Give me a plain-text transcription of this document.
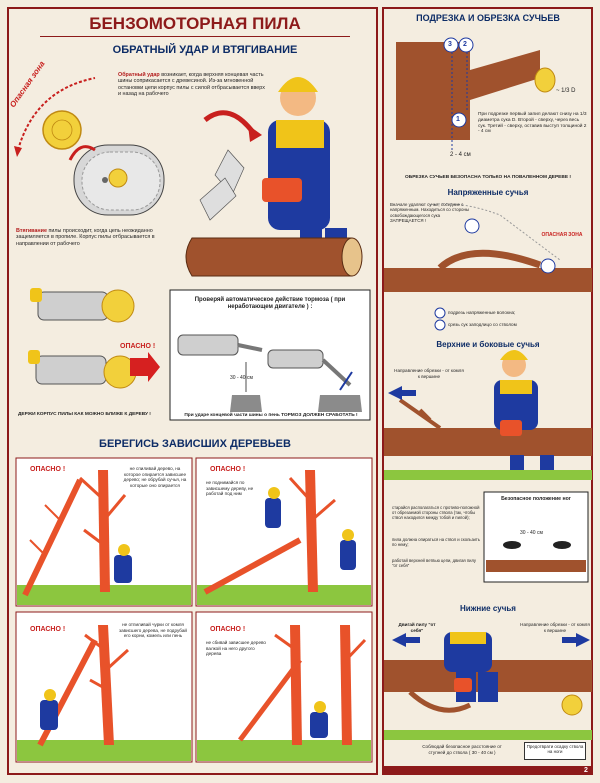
БЕНЗОМОТОРНАЯ ПИЛА
ОБРАТНЫЙ УДАР И ВТЯГИВАНИЕ
Опасная зона	Обратный удар возникает, когда верхняя концевая часть шины соприкасается с древесиной. Из-за мгновенной остановки цепи корпус пилы с силой отбрасывается вверх и назад на рабочего
Втягивание пилы происходит, когда цепь неожиданно защемляется в пропиле. Корпус пилы отбрасывается в направлении от рабочего
ОПАСНО !
ДЕРЖИ КОРПУС ПИЛЫ КАК МОЖНО БЛИЖЕ К ДЕРЕВУ !
Проверяй автоматическое действие тормоза ( при неработающем двигателе ) :
30 - 40 см
При ударе концевой части шины о пень ТОРМОЗ ДОЛЖЕН СРАБОТАТЬ !
БЕРЕГИСЬ ЗАВИСШИХ ДЕРЕВЬЕВ
ОПАСНО !	не спиливай дерево, на которое опирается зависшее дерево; не обрубай сучья, на которые оно опирается
ОПАСНО !
не поднимайся по зависшему дереву, не работай под ним
ОПАСНО !
не отпиливай чурки от комля зависшего дерева, не подрубай его корни, комель или пень
ОПАСНО !
не сбивай зависшее дерево валкой на него другого дерева
ПОДРЕЗКА И ОБРЕЗКА СУЧЬЕВ
3 2
1
~ 1/3 D
При подрезке первый запил делают снизу на 1/3 диаметра сука D. Второй - сверху, через весь сук. Третий - сверху, оставив выступ толщиной 2 - 4 см
2 - 4 см
ОБРЕЗКА СУЧЬЕВ БЕЗОПАСНА ТОЛЬКО НА ПОВАЛЕННОМ ДЕРЕВЕ !
Напряженные сучья
Вначале удаляют сучья, соседние с напряженным. Находиться со стороны освобождающегося сука ЗАПРЕЩАЕТСЯ !
ОПАСНАЯ ЗОНА
подрезь напряженные волокна;
срезь сук заподлицо со стволом
Верхние и боковые сучья
Направление обрезки - от комля к вершине
старайся располагаться с противо-положной от обрезаемой стороны ствола (так, чтобы ствол находился между тобой и пилой);
пила должна опираться на ствол и скользить по нему;
работай верхней ветвью цепи, двигая пилу "от себя"
Безопасное положение ног
30 - 40 см
10 - 12 см
Нижние сучья
Двигай пилу "от себя"
Направление обрезки - от комля к вершине
Соблюдай безопасное расстояние от ступней до ствола ( 30 - 40 см )
Предотврати осадку ствола на ноги
2
